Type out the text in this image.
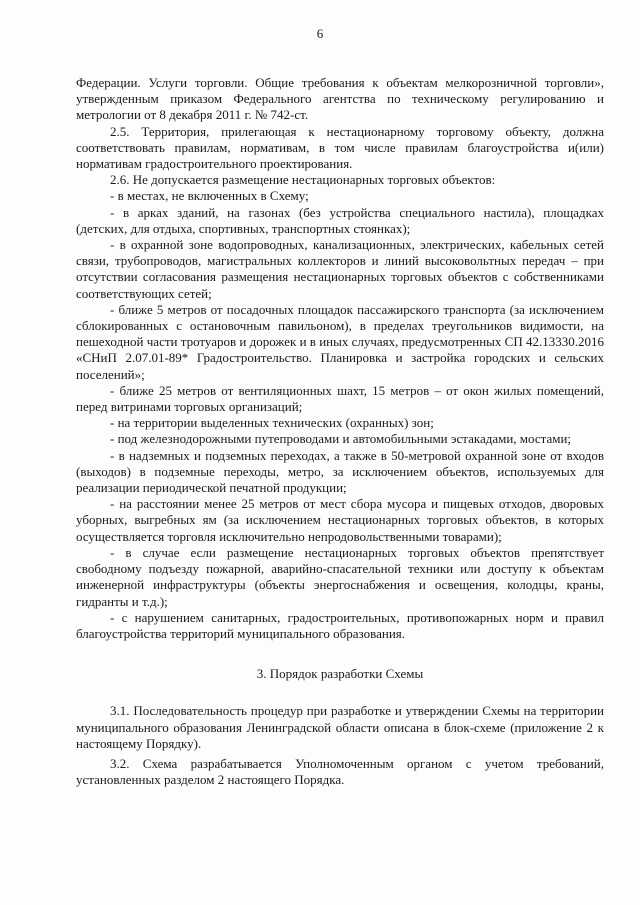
6

Федерации. Услуги торговли. Общие требования к объектам мелкорозничной торговли», утвержденным приказом Федерального агентства по техническому регулированию и метрологии от 8 декабря 2011 г. № 742-ст.

2.5. Территория, прилегающая к нестационарному торговому объекту, должна соответствовать правилам, нормативам, в том числе правилам благоустройства и(или) нормативам градостроительного проектирования.

2.6. Не допускается размещение нестационарных торговых объектов:

- в местах, не включенных в Схему;

- в арках зданий, на газонах (без устройства специального настила), площадках (детских, для отдыха, спортивных, транспортных стоянках);

- в охранной зоне водопроводных, канализационных, электрических, кабельных сетей связи, трубопроводов, магистральных коллекторов и линий высоковольтных передач – при отсутствии согласования размещения нестационарных торговых объектов с собственниками соответствующих сетей;

- ближе 5 метров от посадочных площадок пассажирского транспорта (за исключением сблокированных с остановочным павильоном), в пределах треугольников видимости, на пешеходной части тротуаров и дорожек и в иных случаях, предусмотренных СП 42.13330.2016 «СНиП 2.07.01-89* Градостроительство. Планировка и застройка городских и сельских поселений»;

- ближе 25 метров от вентиляционных шахт, 15 метров – от окон жилых помещений, перед витринами торговых организаций;

- на территории выделенных технических (охранных) зон;

- под железнодорожными путепроводами и автомобильными эстакадами, мостами;

- в надземных и подземных переходах, а также в 50-метровой охранной зоне от входов (выходов) в подземные переходы, метро, за исключением объектов, используемых для реализации периодической печатной продукции;

- на расстоянии менее 25 метров от мест сбора мусора и пищевых отходов, дворовых уборных, выгребных ям (за исключением нестационарных торговых объектов, в которых осуществляется торговля исключительно непродовольственными товарами);

- в случае если размещение нестационарных торговых объектов препятствует свободному подъезду пожарной, аварийно-спасательной техники или доступу к объектам инженерной инфраструктуры (объекты энергоснабжения и освещения, колодцы, краны, гидранты и т.д.);

- с нарушением санитарных, градостроительных, противопожарных норм и правил благоустройства территорий муниципального образования.

3. Порядок разработки Схемы

3.1. Последовательность процедур при разработке и утверждении Схемы на территории муниципального образования Ленинградской области описана в блок-схеме (приложение 2 к настоящему Порядку).

3.2. Схема разрабатывается Уполномоченным органом с учетом требований, установленных разделом 2 настоящего Порядка.
